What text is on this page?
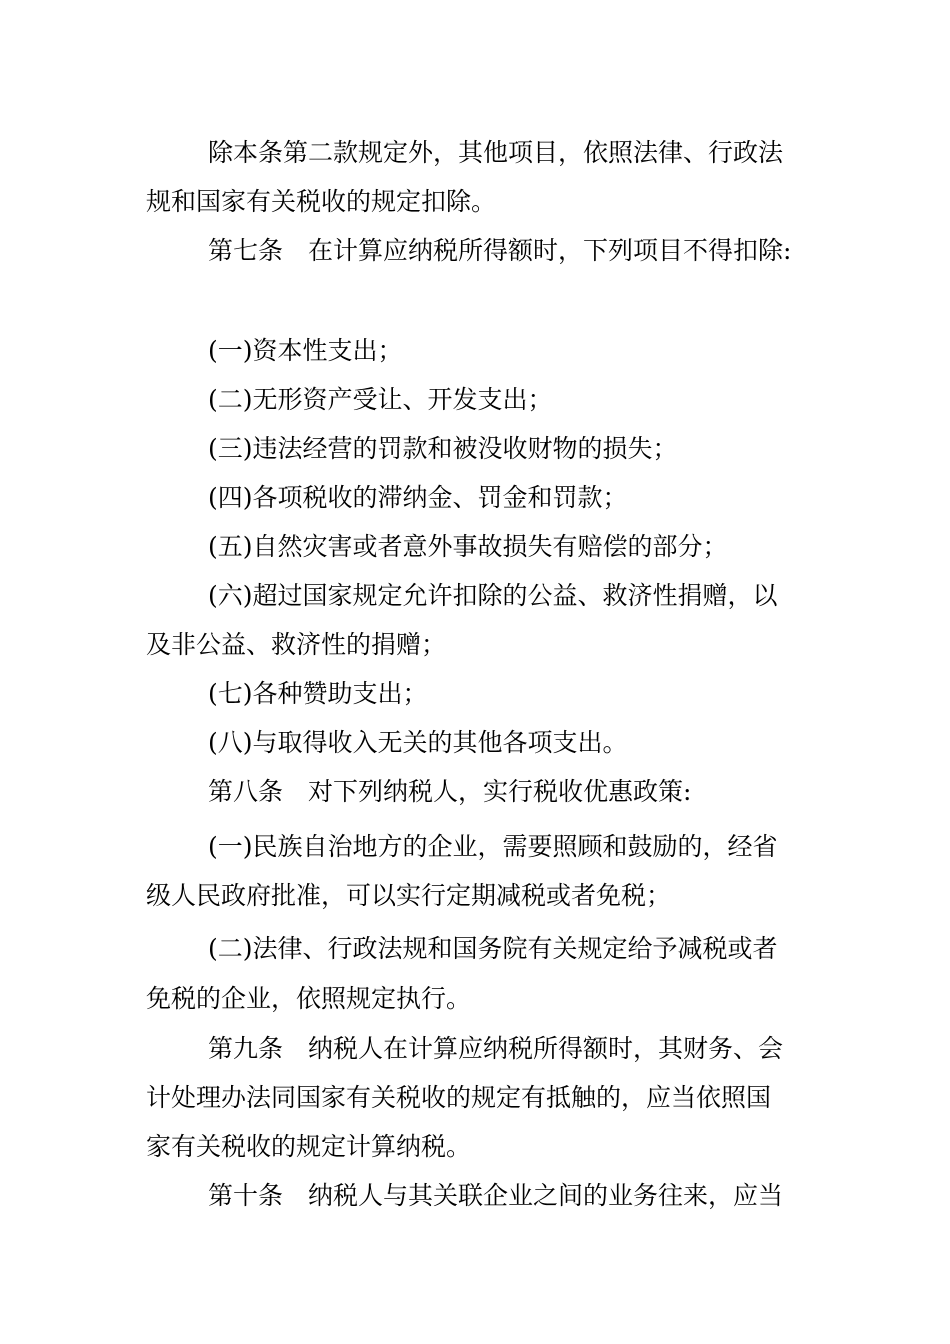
除本条第二款规定外，其他项目，依照法律、行政法
规和国家有关税收的规定扣除。
第七条　在计算应纳税所得额时，下列项目不得扣除:
(一)资本性支出；
(二)无形资产受让、开发支出；
(三)违法经营的罚款和被没收财物的损失；
(四)各项税收的滞纳金、罚金和罚款；
(五)自然灾害或者意外事故损失有赔偿的部分；
(六)超过国家规定允许扣除的公益、救济性捐赠，以
及非公益、救济性的捐赠；
(七)各种赞助支出；
(八)与取得收入无关的其他各项支出。
第八条　对下列纳税人，实行税收优惠政策:
(一)民族自治地方的企业，需要照顾和鼓励的，经省
级人民政府批准，可以实行定期减税或者免税；
(二)法律、行政法规和国务院有关规定给予减税或者
免税的企业，依照规定执行。
第九条　纳税人在计算应纳税所得额时，其财务、会
计处理办法同国家有关税收的规定有抵触的，应当依照国
家有关税收的规定计算纳税。
第十条　纳税人与其关联企业之间的业务往来，应当
